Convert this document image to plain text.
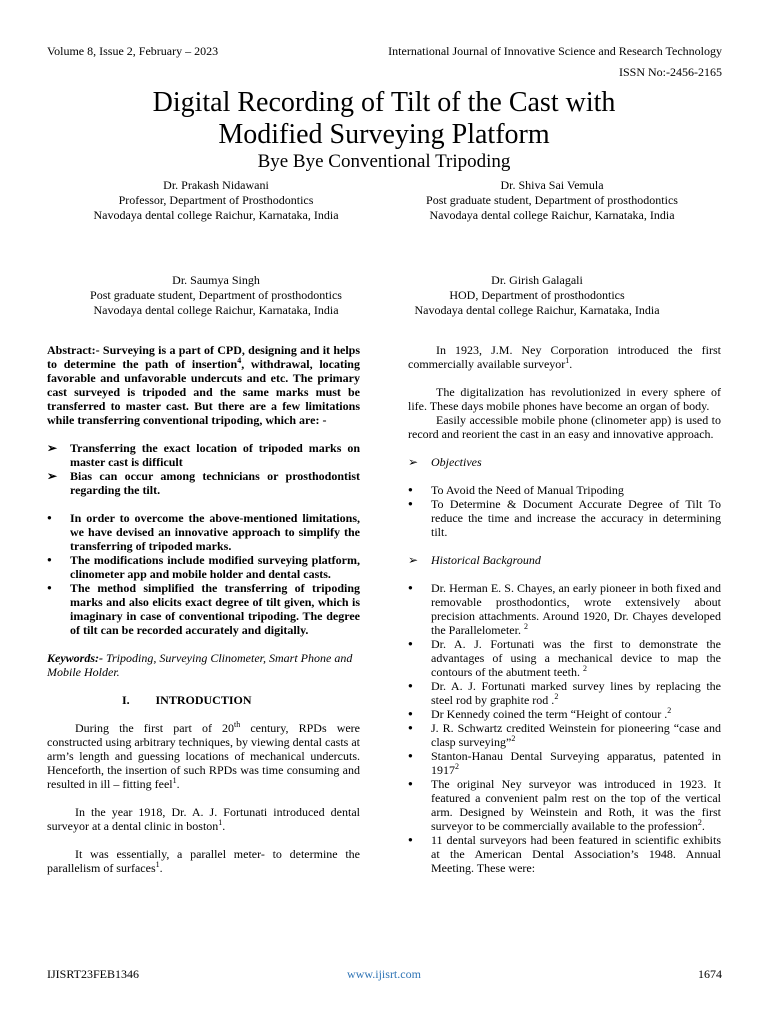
Volume 8, Issue 2, February – 2023	International Journal of Innovative Science and Research Technology
ISSN No:-2456-2165
Digital Recording of Tilt of the Cast with
Modified Surveying Platform
Bye Bye Conventional Tripoding
Dr. Prakash Nidawani
Professor, Department of Prosthodontics
Navodaya dental college Raichur, Karnataka, India
Dr. Shiva Sai Vemula
Post graduate student, Department of prosthodontics
Navodaya dental college Raichur, Karnataka, India
Dr. Saumya Singh
Post graduate student, Department of prosthodontics
Navodaya dental college Raichur, Karnataka, India
Dr. Girish Galagali
HOD, Department of prosthodontics
Navodaya dental college Raichur, Karnataka, India

Abstract:- Surveying is a part of CPD, designing and it helps to determine the path of insertion$^4$, withdrawal, locating favorable and unfavorable undercuts and etc. The primary cast surveyed is tripoded and the same marks must be transferred to master cast. But there are a few limitations while transferring conventional tripoding, which are: -

➢ Transferring the exact location of tripoded marks on master cast is difficult
➢ Bias can occur among technicians or prosthodontist regarding the tilt.
● In order to overcome the above-mentioned limitations, we have devised an innovative approach to simplify the transferring of tripoded marks.
● The modifications include modified surveying platform, clinometer app and mobile holder and dental casts.
● The method simplified the transferring of tripoding marks and also elicits exact degree of tilt given, which is imaginary in case of conventional tripoding. The degree of tilt can be recorded accurately and digitally.

Keywords:- Tripoding, Surveying Clinometer, Smart Phone and Mobile Holder.

I. INTRODUCTION

During the first part of 20th century, RPDs were constructed using arbitrary techniques, by viewing dental casts at arm’s length and guessing locations of mechanical undercuts. Henceforth, the insertion of such RPDs was time consuming and resulted in ill – fitting feel$^1$.

In the year 1918, Dr. A. J. Fortunati introduced dental surveyor at a dental clinic in boston$^1$.

It was essentially, a parallel meter- to determine the parallelism of surfaces$^1$.

In 1923, J.M. Ney Corporation introduced the first commercially available surveyor$^1$.

The digitalization has revolutionized in every sphere of life. These days mobile phones have become an organ of body.

Easily accessible mobile phone (clinometer app) is used to record and reorient the cast in an easy and innovative approach.

➢	Objectives
● To Avoid the Need of Manual Tripoding
● To Determine & Document Accurate Degree of Tilt To reduce the time and increase the accuracy in determining tilt.
➢	Historical Background
● Dr. Herman E. S. Chayes, an early pioneer in both fixed and removable prosthodontics, wrote extensively about precision attachments. Around 1920, Dr. Chayes developed the Parallelometer. $^2$
● Dr. A. J. Fortunati was the first to demonstrate the advantages of using a mechanical device to map the contours of the abutment teeth. $^2$
● Dr. A. J. Fortunati marked survey lines by replacing the steel rod by graphite rod .$^2$
● Dr Kennedy coined the term “Height of contour .$^2$
● J. R. Schwartz credited Weinstein for pioneering “case and clasp surveying”$^2$
● Stanton-Hanau Dental Surveying apparatus, patented in 1917$^2$
● The original Ney surveyor was introduced in 1923. It featured a convenient palm rest on the top of the vertical arm. Designed by Weinstein and Roth, it was the first surveyor to be commercially available to the profession$^2$.
● 11 dental surveyors had been featured in scientific exhibits at the American Dental Association’s 1948. Annual Meeting. These were:
IJISRT23FEB1346	www.ijisrt.com	1674
